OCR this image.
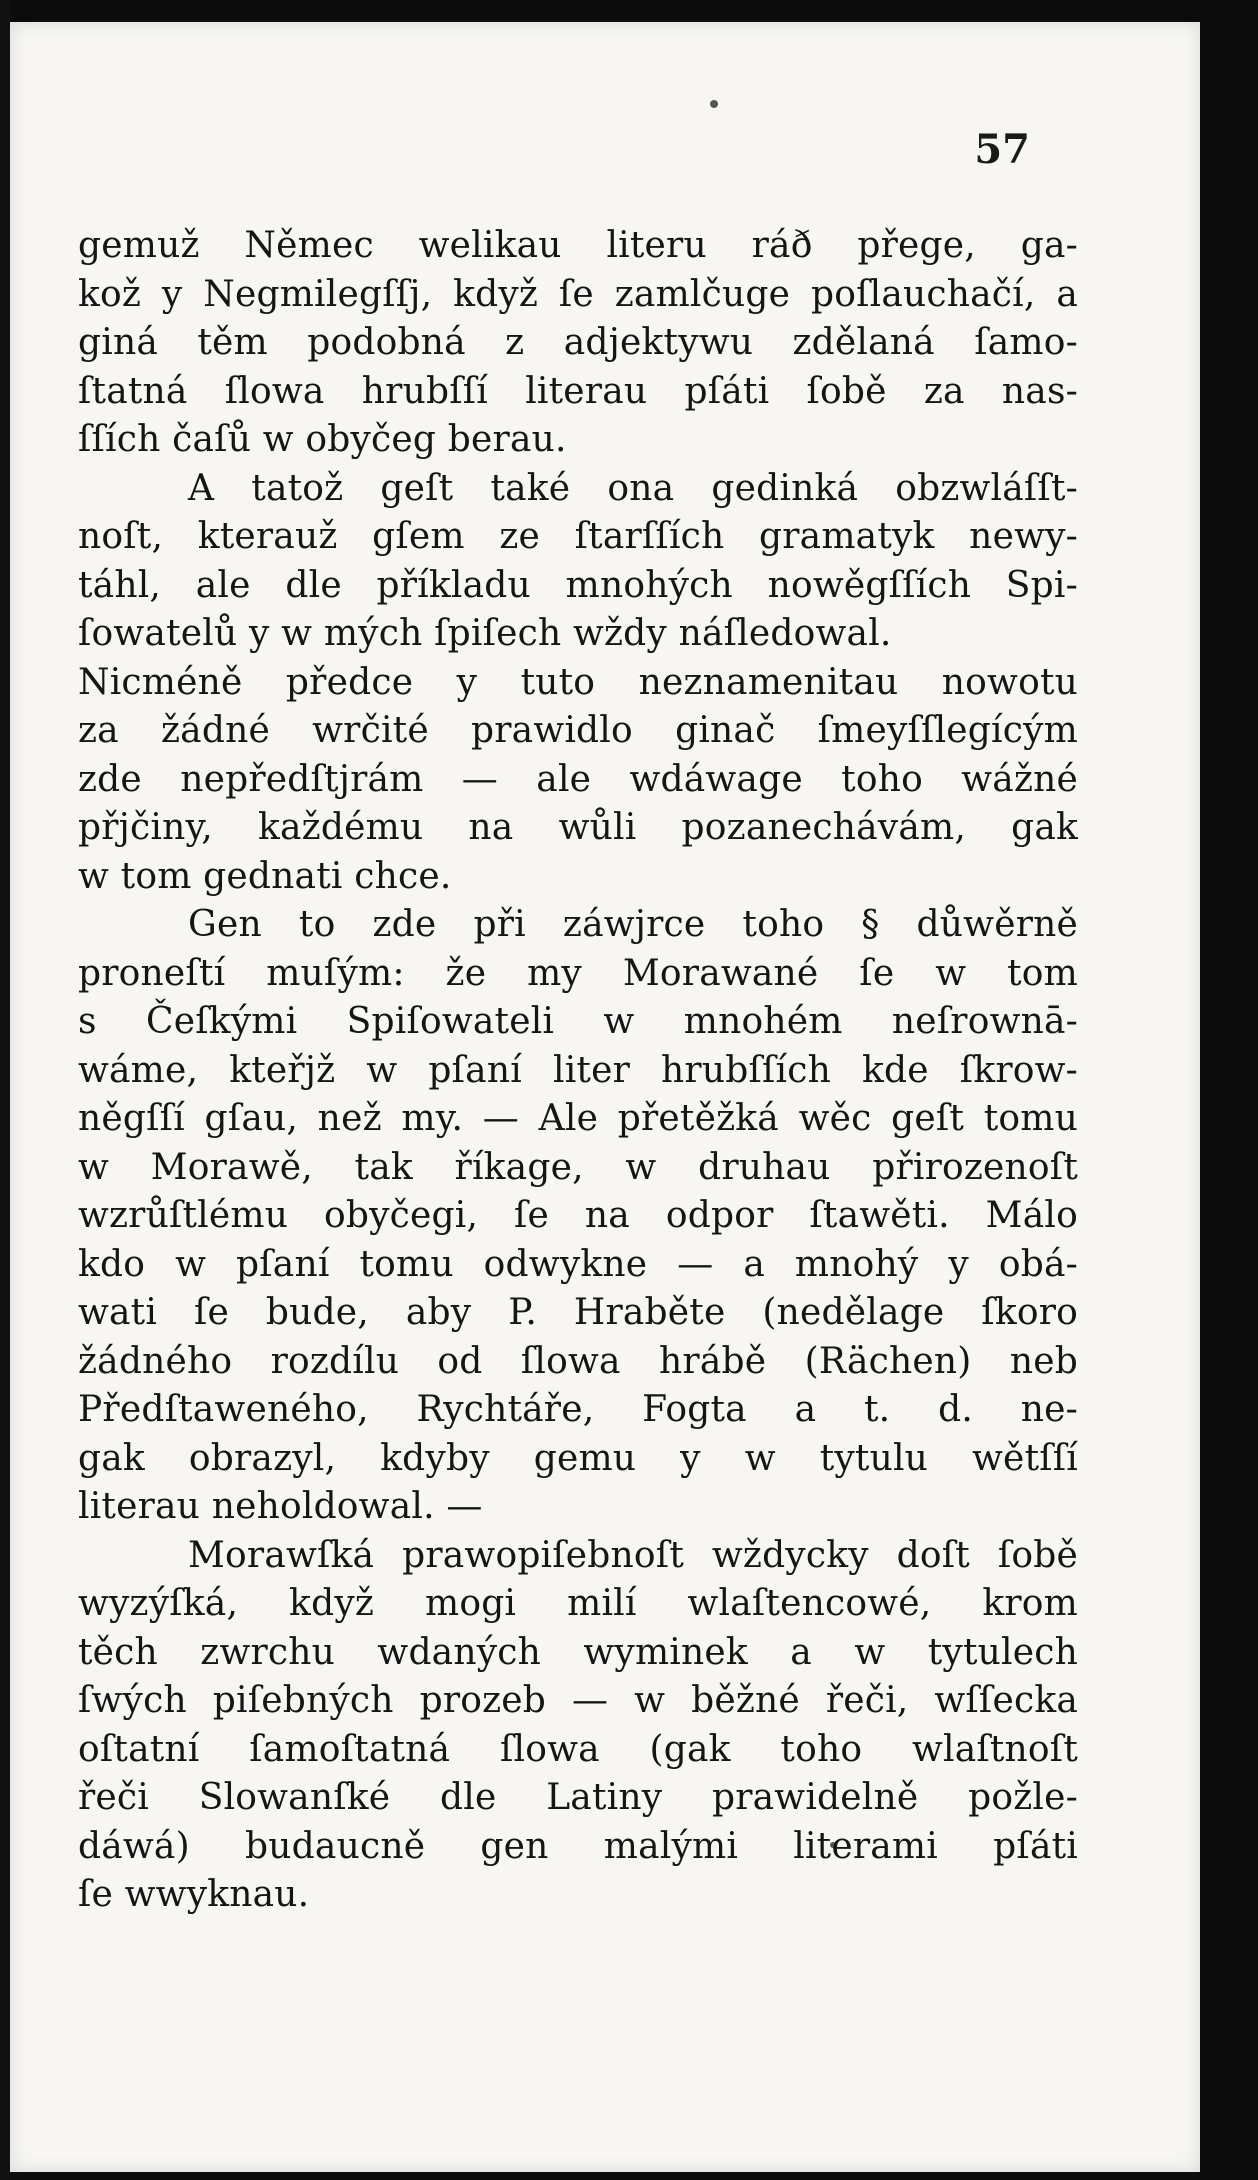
57
gemuž Němec welikau literu ráð přege, ga-
kož y Negmilegſſj, když ſe zamlčuge poſlauchačí, a
giná těm podobná z adjektywu zdělaná ſamo-
ſtatná ſlowa hrubſſí literau pſáti ſobě za nas-
ſſích čaſů w obyčeg berau.
A tatož geſt také ona gedinká obzwláſſt-
noſt, kterauž gſem ze ſtarſſích gramatyk newy-
táhl, ale dle příkladu mnohých nowěgſſích Spi-
ſowatelů y w mých ſpiſech wždy náſledowal.
Nicméně předce y tuto neznamenitau nowotu
za žádné wrčité prawidlo ginač ſmeyſſlegícým
zde nepředſtjrám — ale wdáwage toho wážné
přjčiny, každému na wůli pozanechávám, gak
w tom gednati chce.
Gen to zde při záwjrce toho § důwěrně
proneſtí muſým: že my Morawané ſe w tom
s Čeſkými Spiſowateli w mnohém neſrownā-
wáme, kteřjž w pſaní liter hrubſſích kde ſkrow-
něgſſí gſau, než my. — Ale přetěžká wěc geſt tomu
w Morawě, tak říkage, w druhau přirozenoſt
wzrůſtlému obyčegi, ſe na odpor ſtawěti. Málo
kdo w pſaní tomu odwykne — a mnohý y obá-
wati ſe bude, aby P. Hraběte (nedělage ſkoro
žádného rozdílu od ſlowa hrábě (Rächen) neb
Předſtaweného, Rychtáře, Fogta a t. d. ne-
gak obrazyl, kdyby gemu y w tytulu wětſſí
literau neholdowal. —
Morawſká prawopiſebnoſt wždycky doſt ſobě
wyzýſká, když mogi milí wlaſtencowé, krom
těch zwrchu wdaných wyminek a w tytulech
ſwých piſebných prozeb — w běžné řeči, wſſecka
oſtatní ſamoſtatná ſlowa (gak toho wlaſtnoſt
řeči Slowanſké dle Latiny prawidelně požle-
dáwá) budaucně gen malými literami pſáti
ſe wwyknau.
